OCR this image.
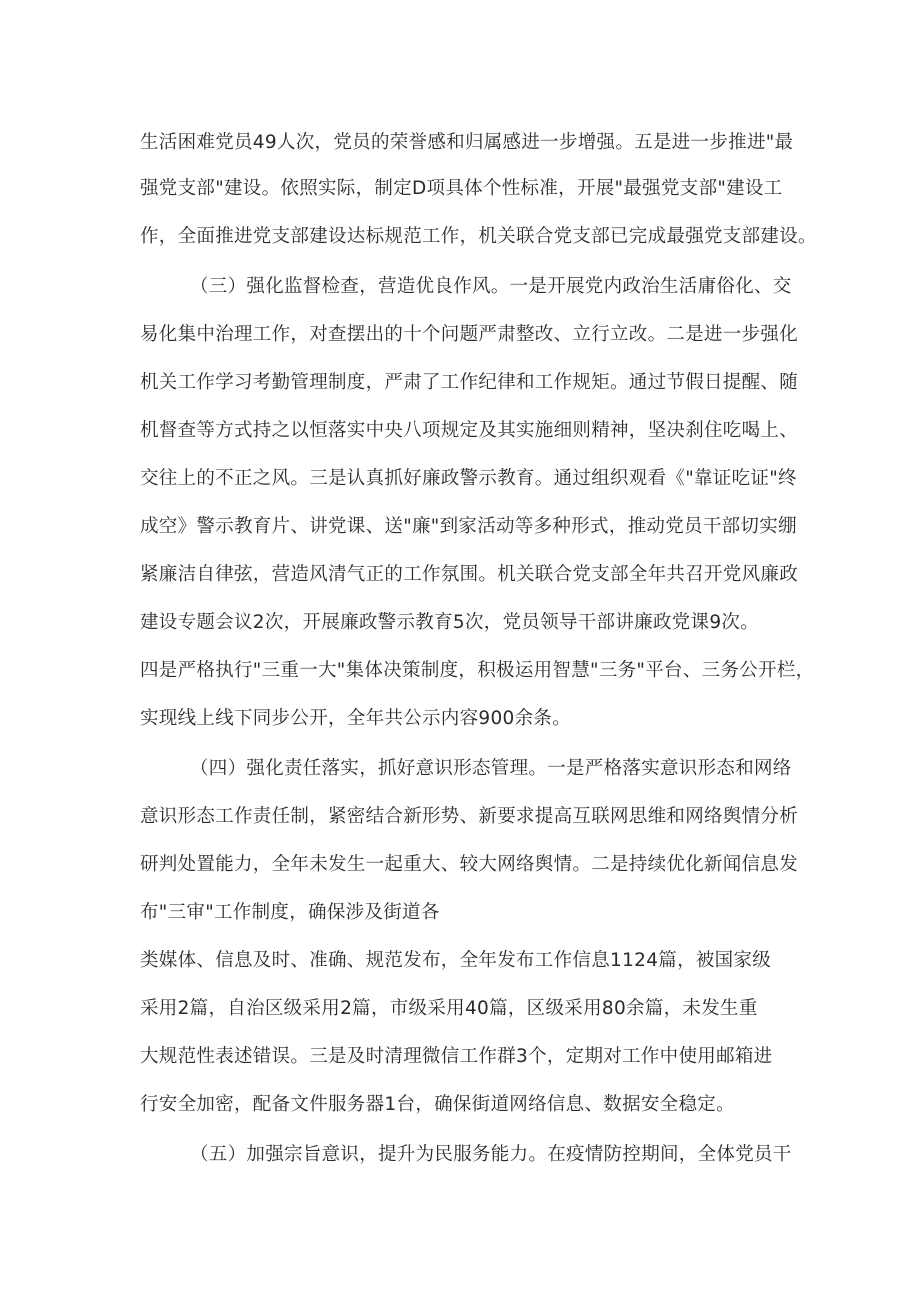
生活困难党员49人次，党员的荣誉感和归属感进一步增强。五是进一步推进"最
强党支部"建设。依照实际，制定D项具体个性标准，开展"最强党支部"建设工
作，全面推进党支部建设达标规范工作，机关联合党支部已完成最强党支部建设。
（三）强化监督检查，营造优良作风。一是开展党内政治生活庸俗化、交
易化集中治理工作，对查摆出的十个问题严肃整改、立行立改。二是进一步强化
机关工作学习考勤管理制度，严肃了工作纪律和工作规矩。通过节假日提醒、随
机督查等方式持之以恒落实中央八项规定及其实施细则精神，坚决刹住吃喝上、
交往上的不正之风。三是认真抓好廉政警示教育。通过组织观看《"靠证吃证"终
成空》警示教育片、讲党课、送"廉"到家活动等多种形式，推动党员干部切实绷
紧廉洁自律弦，营造风清气正的工作氛围。机关联合党支部全年共召开党风廉政
建设专题会议2次，开展廉政警示教育5次，党员领导干部讲廉政党课9次。
四是严格执行"三重一大"集体决策制度，积极运用智慧"三务"平台、三务公开栏，
实现线上线下同步公开，全年共公示内容900余条。
（四）强化责任落实，抓好意识形态管理。一是严格落实意识形态和网络
意识形态工作责任制，紧密结合新形势、新要求提高互联网思维和网络舆情分析
研判处置能力，全年未发生一起重大、较大网络舆情。二是持续优化新闻信息发
布"三审"工作制度，确保涉及街道各
类媒体、信息及时、准确、规范发布，全年发布工作信息1124篇，被国家级
采用2篇，自治区级采用2篇，市级采用40篇，区级采用80余篇，未发生重
大规范性表述错误。三是及时清理微信工作群3个，定期对工作中使用邮箱进
行安全加密，配备文件服务器1台，确保街道网络信息、数据安全稳定。
（五）加强宗旨意识，提升为民服务能力。在疫情防控期间，全体党员干
